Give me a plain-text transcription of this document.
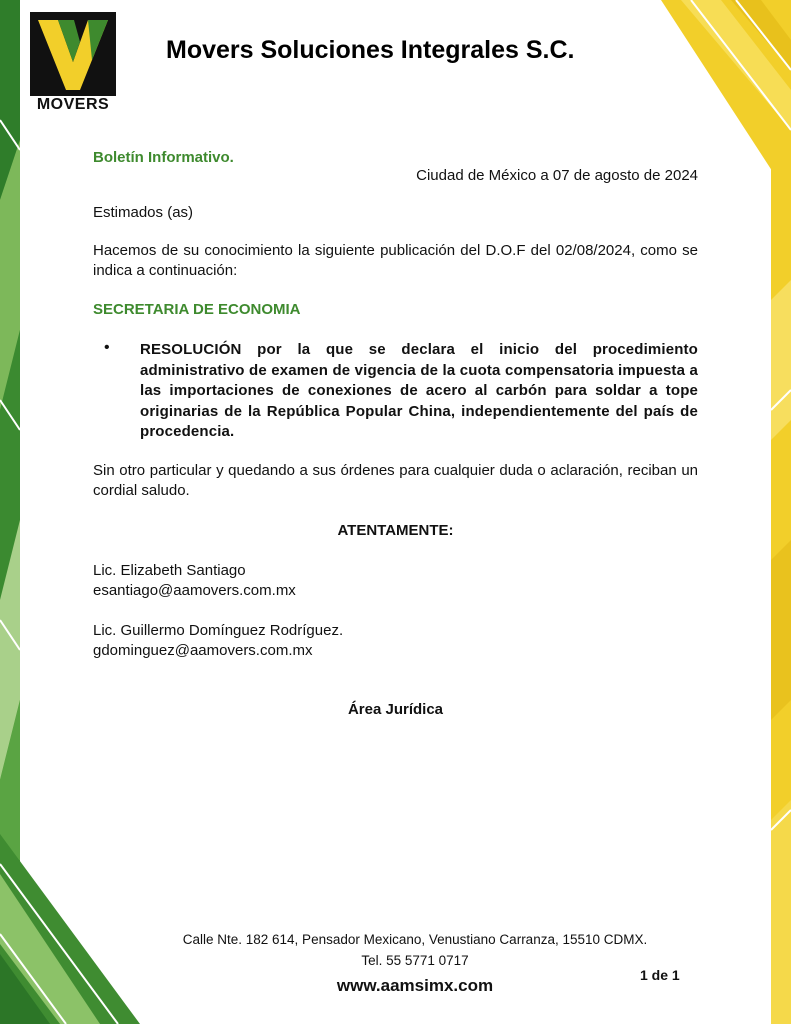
MOVERS
Movers Soluciones Integrales S.C.
Boletín Informativo.
Ciudad de México a 07 de agosto de 2024
Estimados (as)
Hacemos de su conocimiento la siguiente publicación del D.O.F del 02/08/2024, como se indica a continuación:
SECRETARIA DE ECONOMIA
• RESOLUCIÓN por la que se declara el inicio del procedimiento administrativo de examen de vigencia de la cuota compensatoria impuesta a las importaciones de conexiones de acero al carbón para soldar a tope originarias de la República Popular China, independientemente del país de procedencia.
Sin otro particular y quedando a sus órdenes para cualquier duda o aclaración, reciban un cordial saludo.
ATENTAMENTE:
Lic. Elizabeth Santiago
esantiago@aamovers.com.mx
Lic. Guillermo Domínguez Rodríguez.
gdominguez@aamovers.com.mx
Área Jurídica
Calle Nte. 182 614, Pensador Mexicano, Venustiano Carranza, 15510 CDMX.
Tel. 55 5771 0717
www.aamsimx.com
1 de 1
